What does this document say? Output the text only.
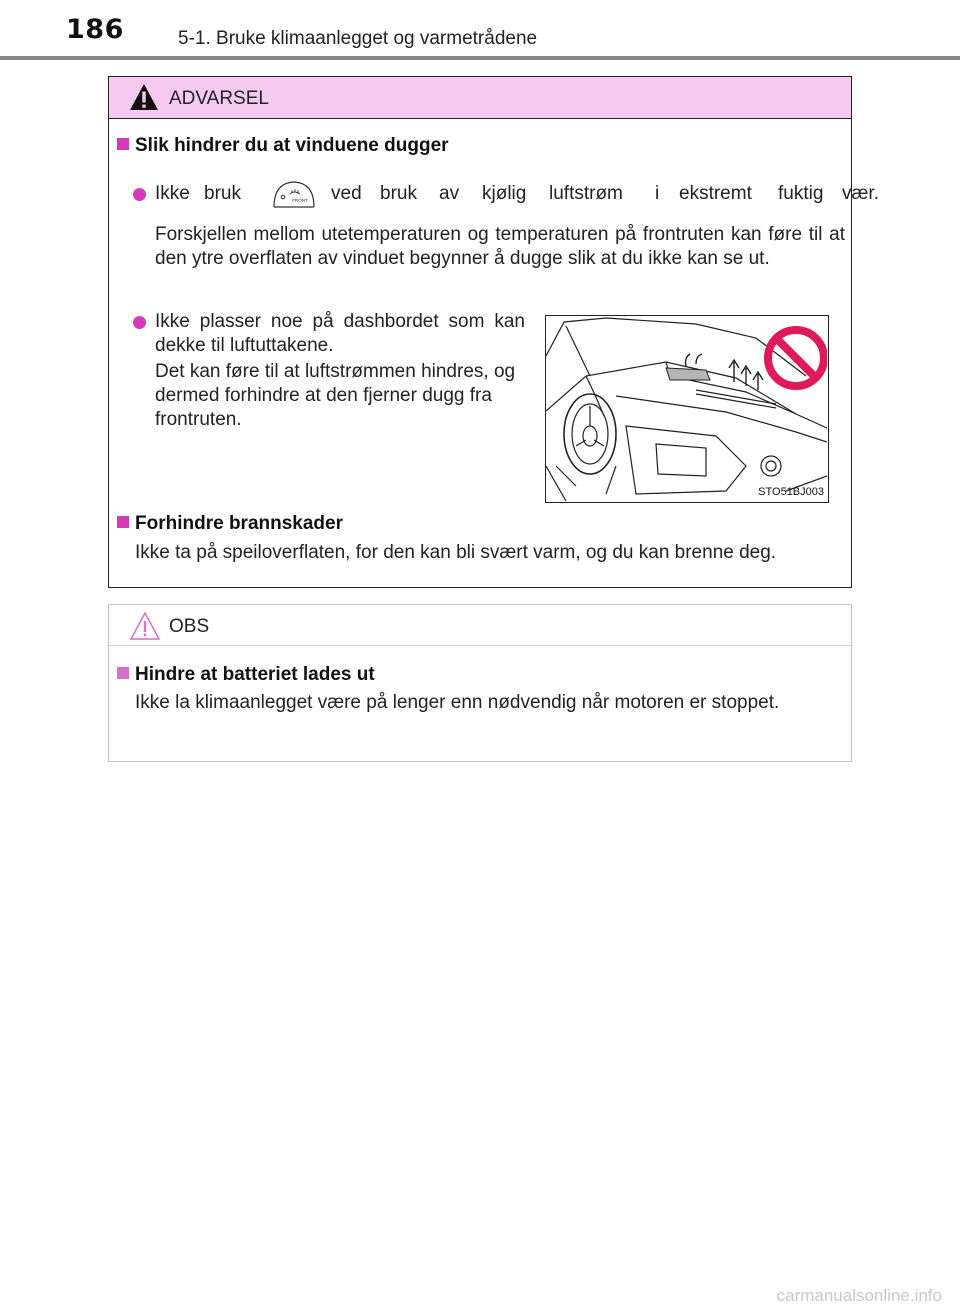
186	5-1. Bruke klimaanlegget og varmetrådene
ADVARSEL
Slik hindrer du at vinduene dugger
Ikke bruk	ved bruk av kjølig luftstrøm i ekstremt fuktig vær.
FRONT
Forskjellen mellom utetemperaturen og temperaturen på frontruten kan føre til at den ytre overflaten av vinduet begynner å dugge slik at du ikke kan se ut.
Ikke plasser noe på dashbordet som kan dekke til luftuttakene.
Det kan føre til at luftstrømmen hindres, og dermed forhindre at den fjerner dugg fra frontruten.
STO51BJ003
Forhindre brannskader
Ikke ta på speiloverflaten, for den kan bli svært varm, og du kan brenne deg.
OBS
Hindre at batteriet lades ut
Ikke la klimaanlegget være på lenger enn nødvendig når motoren er stoppet.
carmanualsonline.info
